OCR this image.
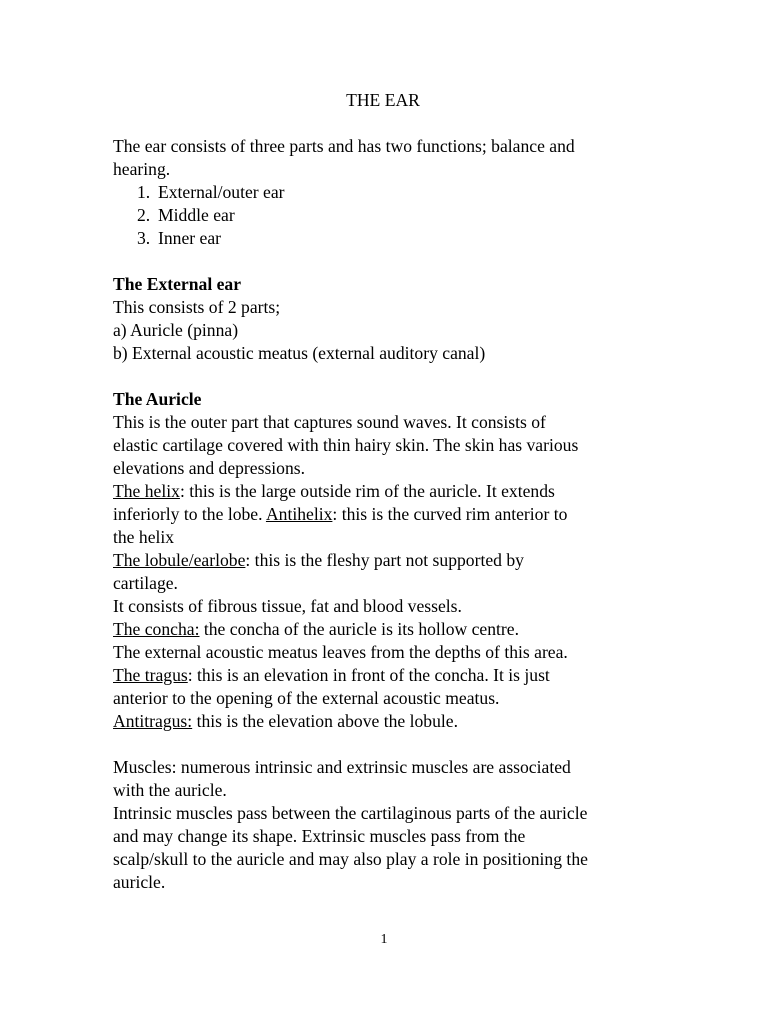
THE EAR

The ear consists of three parts and has two functions; balance and

hearing.

1. External/outer ear
2. Middle ear
3. Inner ear

The External ear

This consists of 2 parts;

a) Auricle (pinna)

b) External acoustic meatus (external auditory canal)

The Auricle

This is the outer part that captures sound waves. It consists of

elastic cartilage covered with thin hairy skin. The skin has various

elevations and depressions.

The helix: this is the large outside rim of the auricle. It extends

inferiorly to the lobe. Antihelix: this is the curved rim anterior to

the helix

The lobule/earlobe: this is the fleshy part not supported by

cartilage.

It consists of fibrous tissue, fat and blood vessels.

The concha: the concha of the auricle is its hollow centre.

The external acoustic meatus leaves from the depths of this area.

The tragus: this is an elevation in front of the concha. It is just

anterior to the opening of the external acoustic meatus.

Antitragus: this is the elevation above the lobule.

Muscles: numerous intrinsic and extrinsic muscles are associated

with the auricle.

Intrinsic muscles pass between the cartilaginous parts of the auricle

and may change its shape. Extrinsic muscles pass from the

scalp/skull to the auricle and may also play a role in positioning the

auricle.

1
